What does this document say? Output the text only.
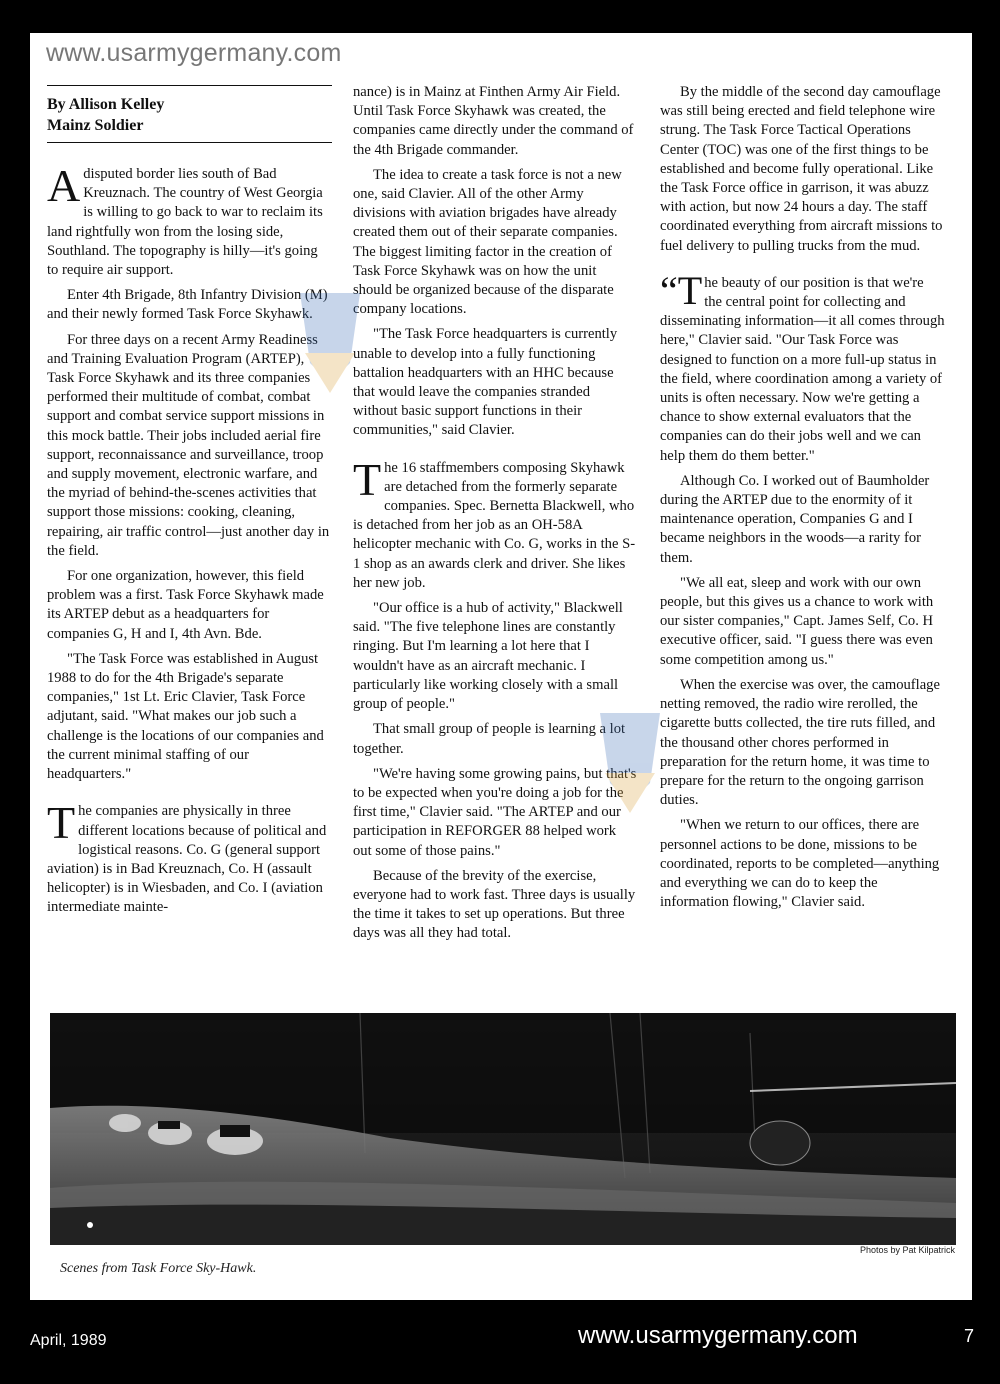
www.usarmygermany.com
By Allison Kelley
Mainz Soldier

Adisputed border lies south of Bad Kreuznach. The country of West Georgia is willing to go back to war to reclaim its land rightfully won from the losing side, Southland. The topography is hilly—it's going to require air support.

Enter 4th Brigade, 8th Infantry Division (M) and their newly formed Task Force Skyhawk.

For three days on a recent Army Readiness and Training Evaluation Program (ARTEP), Task Force Skyhawk and its three companies performed their multitude of combat, combat support and combat service support missions in this mock battle. Their jobs included aerial fire support, reconnaissance and surveillance, troop and supply movement, electronic warfare, and the myriad of behind-the-scenes activities that support those missions: cooking, cleaning, repairing, air traffic control—just another day in the field.

For one organization, however, this field problem was a first. Task Force Skyhawk made its ARTEP debut as a headquarters for companies G, H and I, 4th Avn. Bde.

"The Task Force was established in August 1988 to do for the 4th Brigade's separate companies," 1st Lt. Eric Clavier, Task Force adjutant, said. "What makes our job such a challenge is the locations of our companies and the current minimal staffing of our headquarters."

The companies are physically in three different locations because of political and logistical reasons. Co. G (general support aviation) is in Bad Kreuznach, Co. H (assault helicopter) is in Wiesbaden, and Co. I (aviation intermediate mainte-

nance) is in Mainz at Finthen Army Air Field. Until Task Force Skyhawk was created, the companies came directly under the command of the 4th Brigade commander.

The idea to create a task force is not a new one, said Clavier. All of the other Army divisions with aviation brigades have already created them out of their separate companies. The biggest limiting factor in the creation of Task Force Skyhawk was on how the unit should be organized because of the disparate company locations.

"The Task Force headquarters is currently unable to develop into a fully functioning battalion headquarters with an HHC because that would leave the companies stranded without basic support functions in their communities," said Clavier.

The 16 staffmembers composing Skyhawk are detached from the formerly separate companies. Spec. Bernetta Blackwell, who is detached from her job as an OH-58A helicopter mechanic with Co. G, works in the S-1 shop as an awards clerk and driver. She likes her new job.

"Our office is a hub of activity," Blackwell said. "The five telephone lines are constantly ringing. But I'm learning a lot here that I wouldn't have as an aircraft mechanic. I particularly like working closely with a small group of people."

That small group of people is learning a lot together.

"We're having some growing pains, but that's to be expected when you're doing a job for the first time," Clavier said. "The ARTEP and our participation in REFORGER 88 helped work out some of those pains."

Because of the brevity of the exercise, everyone had to work fast. Three days is usually the time it takes to set up operations. But three days was all they had total.

By the middle of the second day camouflage was still being erected and field telephone wire strung. The Task Force Tactical Operations Center (TOC) was one of the first things to be established and become fully operational. Like the Task Force office in garrison, it was abuzz with action, but now 24 hours a day. The staff coordinated everything from aircraft missions to fuel delivery to pulling trucks from the mud.

“The beauty of our position is that we're the central point for collecting and disseminating information—it all comes through here," Clavier said. "Our Task Force was designed to function on a more full-up status in the field, where coordination among a variety of units is often necessary. Now we're getting a chance to show external evaluators that the companies can do their jobs well and we can help them do them better."

Although Co. I worked out of Baumholder during the ARTEP due to the enormity of it maintenance operation, Companies G and I became neighbors in the woods—a rarity for them.

"We all eat, sleep and work with our own people, but this gives us a chance to work with our sister companies," Capt. James Self, Co. H executive officer, said. "I guess there was even some competition among us."

When the exercise was over, the camouflage netting removed, the radio wire rerolled, the cigarette butts collected, the tire ruts filled, and the thousand other chores performed in preparation for the return home, it was time to prepare for the return to the ongoing garrison duties.

"When we return to our offices, there are personnel actions to be done, missions to be coordinated, reports to be completed—anything and everything we can do to keep the information flowing," Clavier said.

Photos by Pat Kilpatrick
Scenes from Task Force Sky-Hawk.
April, 1989	www.usarmygermany.com	7
